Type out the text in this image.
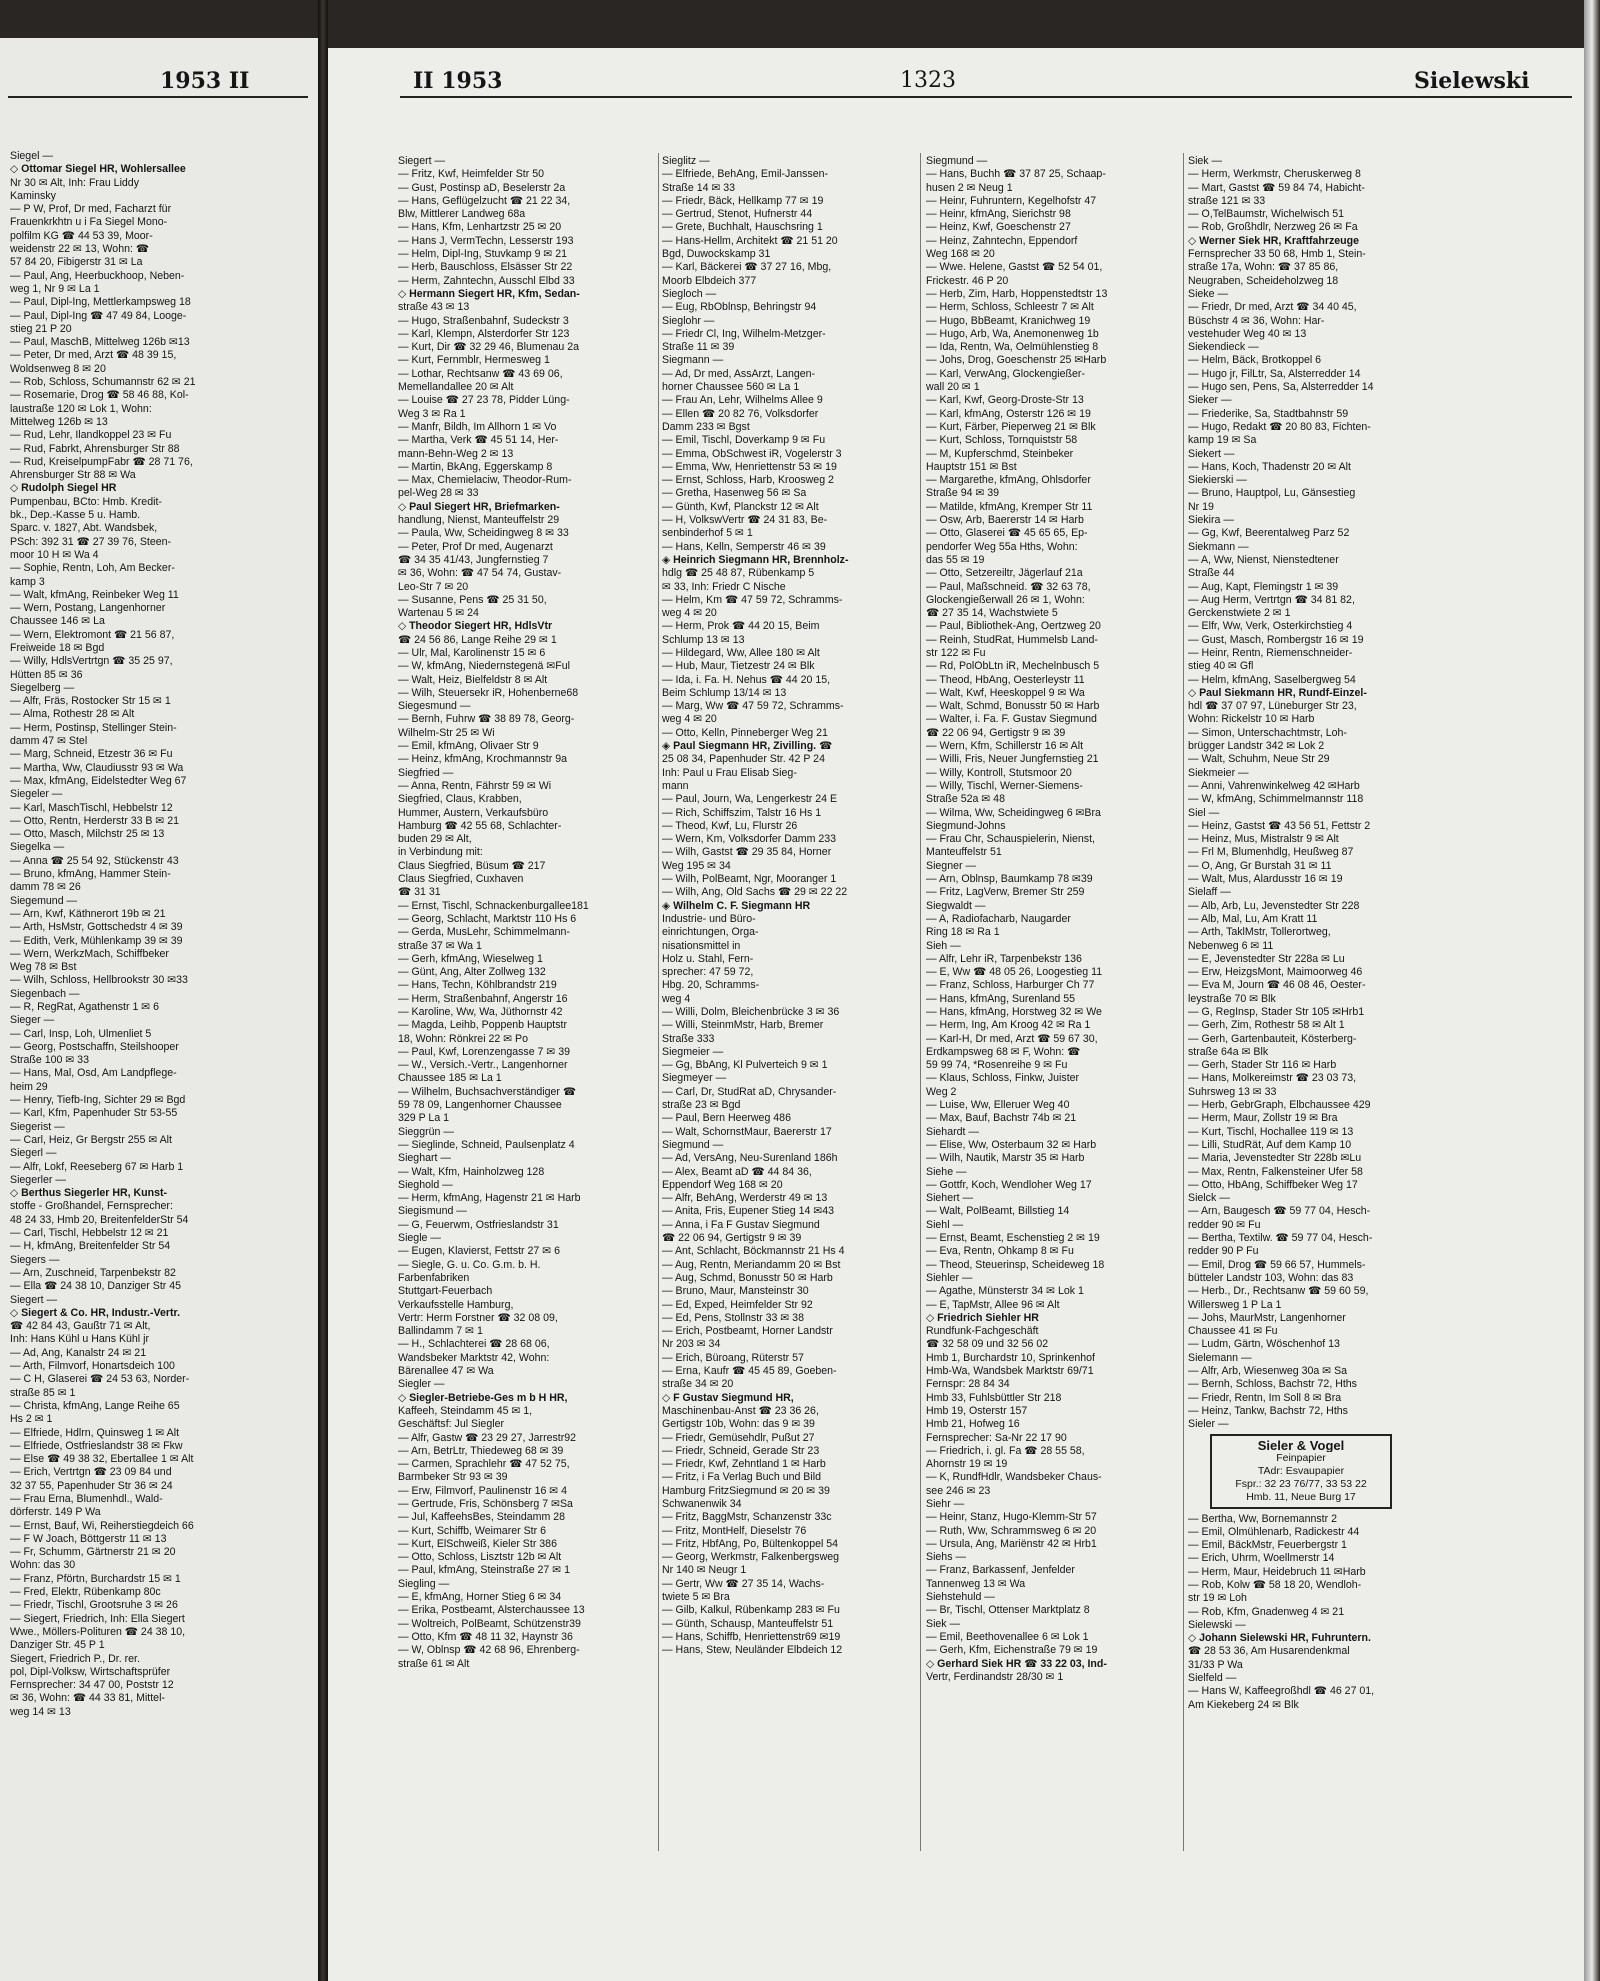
1953 II	II 1953	1323	Sielewski
Siegel —
◇ Ottomar Siegel HR, Wohlersallee
Nr 30 ✉ Alt, Inh: Frau Liddy
Kaminsky
— P W, Prof, Dr med, Facharzt für
Frauenkrkhtn u i Fa Siegel Mono-
polfilm KG ☎ 44 53 39, Moor-
weidenstr 22 ✉ 13, Wohn: ☎
57 84 20, Fibigerstr 31 ✉ La
— Paul, Ang, Heerbuckhoop, Neben-
weg 1, Nr 9 ✉ La 1
— Paul, Dipl-Ing, Mettlerkampsweg 18
— Paul, Dipl-Ing ☎ 47 49 84, Looge-
stieg 21 P 20
— Paul, MaschB, Mittelweg 126b ✉13
— Peter, Dr med, Arzt ☎ 48 39 15,
Woldsenweg 8 ✉ 20
— Rob, Schloss, Schumannstr 62 ✉ 21
— Rosemarie, Drog ☎ 58 46 88, Kol-
laustraße 120 ✉ Lok 1, Wohn:
Mittelweg 126b ✉ 13
— Rud, Lehr, Ilandkoppel 23 ✉ Fu
— Rud, Fabrkt, Ahrensburger Str 88
— Rud, KreiselpumpFabr ☎ 28 71 76,
Ahrensburger Str 88 ✉ Wa
◇ Rudolph Siegel HR
Pumpenbau, BCto: Hmb. Kredit-
bk., Dep.-Kasse 5 u. Hamb.
Sparc. v. 1827, Abt. Wandsbek,
PSch: 392 31 ☎ 27 39 76, Steen-
moor 10 H ✉ Wa 4
— Sophie, Rentn, Loh, Am Becker-
kamp 3
— Walt, kfmAng, Reinbeker Weg 11
— Wern, Postang, Langenhorner
Chaussee 146 ✉ La
— Wern, Elektromont ☎ 21 56 87,
Freiweide 18 ✉ Bgd
— Willy, HdlsVertrtgn ☎ 35 25 97,
Hütten 85 ✉ 36
Siegelberg —
— Alfr, Fräs, Rostocker Str 15 ✉ 1
— Alma, Rothestr 28 ✉ Alt
— Herm, Postinsp, Stellinger Stein-
damm 47 ✉ Stel
— Marg, Schneid, Etzestr 36 ✉ Fu
— Martha, Ww, Claudiusstr 93 ✉ Wa
— Max, kfmAng, Eidelstedter Weg 67
Siegeler —
— Karl, MaschTischl, Hebbelstr 12
— Otto, Rentn, Herderstr 33 B ✉ 21
— Otto, Masch, Milchstr 25 ✉ 13
Siegelka —
— Anna ☎ 25 54 92, Stückenstr 43
— Bruno, kfmAng, Hammer Stein-
damm 78 ✉ 26
Siegemund —
— Arn, Kwf, Käthnerort 19b ✉ 21
— Arth, HsMstr, Gottschedstr 4 ✉ 39
— Edith, Verk, Mühlenkamp 39 ✉ 39
— Wern, WerkzMach, Schiffbeker
Weg 78 ✉ Bst
— Wilh, Schloss, Hellbrookstr 30 ✉33
Siegenbach —
— R, RegRat, Agathenstr 1 ✉ 6
Sieger —
— Carl, Insp, Loh, Ulmenliet 5
— Georg, Postschaffn, Steilshooper
Straße 100 ✉ 33
— Hans, Mal, Osd, Am Landpflege-
heim 29
— Henry, Tiefb-Ing, Sichter 29 ✉ Bgd
— Karl, Kfm, Papenhuder Str 53-55
Siegerist —
— Carl, Heiz, Gr Bergstr 255 ✉ Alt
Siegerl —
— Alfr, Lokf, Reeseberg 67 ✉ Harb 1
Siegerler —
◇ Berthus Siegerler HR, Kunst-
stoffe - Großhandel, Fernsprecher:
48 24 33, Hmb 20, BreitenfelderStr 54
— Carl, Tischl, Hebbelstr 12 ✉ 21
— H, kfmAng, Breitenfelder Str 54
Siegers —
— Arn, Zuschneid, Tarpenbekstr 82
— Ella ☎ 24 38 10, Danziger Str 45
Siegert —
◇ Siegert & Co. HR, Industr.-Vertr.
☎ 42 84 43, Gaußtr 71 ✉ Alt,
Inh: Hans Kühl u Hans Kühl jr
— Ad, Ang, Kanalstr 24 ✉ 21
— Arth, Filmvorf, Honartsdeich 100
— C H, Glaserei ☎ 24 53 63, Norder-
straße 85 ✉ 1
— Christa, kfmAng, Lange Reihe 65
Hs 2 ✉ 1
— Elfriede, Hdlrn, Quinsweg 1 ✉ Alt
— Elfriede, Ostfrieslandstr 38 ✉ Fkw
— Else ☎ 49 38 32, Ebertallee 1 ✉ Alt
— Erich, Vertrtgn ☎ 23 09 84 und
32 37 55, Papenhuder Str 36 ✉ 24
— Frau Erna, Blumenhdl., Wald-
dörferstr. 149 P Wa
— Ernst, Bauf, Wi, Reiherstiegdeich 66
— F W Joach, Böttgerstr 11 ✉ 13
— Fr, Schumm, Gärtnerstr 21 ✉ 20
Wohn: das 30
— Franz, Pförtn, Burchardstr 15 ✉ 1
— Fred, Elektr, Rübenkamp 80c
— Friedr, Tischl, Grootsruhe 3 ✉ 26
— Siegert, Friedrich, Inh: Ella Siegert
Wwe., Möllers-Polituren ☎ 24 38 10,
Danziger Str. 45 P 1
Siegert, Friedrich P., Dr. rer.
pol, Dipl-Volksw, Wirtschaftsprüfer
Fernsprecher: 34 47 00, Poststr 12
✉ 36, Wohn: ☎ 44 33 81, Mittel-
weg 14 ✉ 13
Siegert —
— Fritz, Kwf, Heimfelder Str 50
— Gust, Postinsp aD, Beselerstr 2a
— Hans, Geflügelzucht ☎ 21 22 34,
Blw, Mittlerer Landweg 68a
— Hans, Kfm, Lenhartzstr 25 ✉ 20
— Hans J, VermTechn, Lesserstr 193
— Helm, Dipl-Ing, Stuvkamp 9 ✉ 21
— Herb, Bauschloss, Elsässer Str 22
— Herm, Zahntechn, Ausschl Elbd 33
◇ Hermann Siegert HR, Kfm, Sedan-
straße 43 ✉ 13
— Hugo, Straßenbahnf, Sudeckstr 3
— Karl, Klempn, Alsterdorfer Str 123
— Kurt, Dir ☎ 32 29 46, Blumenau 2a
— Kurt, Fernmblr, Hermesweg 1
— Lothar, Rechtsanw ☎ 43 69 06,
Memellandallee 20 ✉ Alt
— Louise ☎ 27 23 78, Pidder Lüng-
Weg 3 ✉ Ra 1
— Manfr, Bildh, Im Allhorn 1 ✉ Vo
— Martha, Verk ☎ 45 51 14, Her-
mann-Behn-Weg 2 ✉ 13
— Martin, BkAng, Eggerskamp 8
— Max, Chemielaciw, Theodor-Rum-
pel-Weg 28 ✉ 33
◇ Paul Siegert HR, Briefmarken-
handlung, Nienst, Manteuffelstr 29
— Paula, Ww, Scheidingweg 8 ✉ 33
— Peter, Prof Dr med, Augenarzt
☎ 34 35 41/43, Jungfernstieg 7
✉ 36, Wohn: ☎ 47 54 74, Gustav-
Leo-Str 7 ✉ 20
— Susanne, Pens ☎ 25 31 50,
Wartenau 5 ✉ 24
◇ Theodor Siegert HR, HdlsVtr
☎ 24 56 86, Lange Reihe 29 ✉ 1
— Ulr, Mal, Karolinenstr 15 ✉ 6
— W, kfmAng, Niedernstegenä ✉Ful
— Walt, Heiz, Bielfeldstr 8 ✉ Alt
— Wilh, Steuersekr iR, Hohenberne68
Siegesmund —
— Bernh, Fuhrw ☎ 38 89 78, Georg-
Wilhelm-Str 25 ✉ Wi
— Emil, kfmAng, Olivaer Str 9
— Heinz, kfmAng, Krochmannstr 9a
Siegfried —
— Anna, Rentn, Fährstr 59 ✉ Wi
Siegfried, Claus, Krabben,
Hummer, Austern, Verkaufsbüro
Hamburg ☎ 42 55 68, Schlachter-
buden 29 ✉ Alt,
in Verbindung mit:
Claus Siegfried, Büsum ☎ 217
Claus Siegfried, Cuxhaven
☎ 31 31
— Ernst, Tischl, Schnackenburgallee181
— Georg, Schlacht, Marktstr 110 Hs 6
— Gerda, MusLehr, Schimmelmann-
straße 37 ✉ Wa 1
— Gerh, kfmAng, Wieselweg 1
— Günt, Ang, Alter Zollweg 132
— Hans, Techn, Köhlbrandstr 219
— Herm, Straßenbahnf, Angerstr 16
— Karoline, Ww, Wa, Jüthornstr 42
— Magda, Leihb, Poppenb Hauptstr
18, Wohn: Rönkrei 22 ✉ Po
— Paul, Kwf, Lorenzengasse 7 ✉ 39
— W., Versich.-Vertr., Langenhorner
Chaussee 185 ✉ La 1
— Wilhelm, Buchsachverständiger ☎
59 78 09, Langenhorner Chaussee
329 P La 1
Sieggrün —
— Sieglinde, Schneid, Paulsenplatz 4
Sieghart —
— Walt, Kfm, Hainholzweg 128
Sieghold —
— Herm, kfmAng, Hagenstr 21 ✉ Harb
Siegismund —
— G, Feuerwm, Ostfrieslandstr 31
Siegle —
— Eugen, Klavierst, Fettstr 27 ✉ 6
— Siegle, G. u. Co. G.m. b. H.
Farbenfabriken
Stuttgart-Feuerbach
Verkaufsstelle Hamburg,
Vertr: Herm Forstner ☎ 32 08 09,
Ballindamm 7 ✉ 1
— H., Schlachterei ☎ 28 68 06,
Wandsbeker Marktstr 42, Wohn:
Bärenallee 47 ✉ Wa
Siegler —
◇ Siegler-Betriebe-Ges m b H HR,
Kaffeeh, Steindamm 45 ✉ 1,
Geschäftsf: Jul Siegler
— Alfr, Gastw ☎ 23 29 27, Jarrestr92
— Arn, BetrLtr, Thiedeweg 68 ✉ 39
— Carmen, Sprachlehr ☎ 47 52 75,
Barmbeker Str 93 ✉ 39
— Erw, Filmvorf, Paulinenstr 16 ✉ 4
— Gertrude, Fris, Schönsberg 7 ✉Sa
— Jul, KaffeehsBes, Steindamm 28
— Kurt, Schiffb, Weimarer Str 6
— Kurt, ElSchweiß, Kieler Str 386
— Otto, Schloss, Lisztstr 12b ✉ Alt
— Paul, kfmAng, Steinstraße 27 ✉ 1
Siegling —
— E, kfmAng, Horner Stieg 6 ✉ 34
— Erika, Postbeamt, Alsterchaussee 13
— Woltreich, PolBeamt, Schützenstr39
— Otto, Kfm ☎ 48 11 32, Haynstr 36
— W, Oblnsp ☎ 42 68 96, Ehrenberg-
straße 61 ✉ Alt
Sieglitz —
— Elfriede, BehAng, Emil-Janssen-
Straße 14 ✉ 33
— Friedr, Bäck, Hellkamp 77 ✉ 19
— Gertrud, Stenot, Hufnerstr 44
— Grete, Buchhalt, Hauschsring 1
— Hans-Hellm, Architekt ☎ 21 51 20
Bgd, Duwockskamp 31
— Karl, Bäckerei ☎ 37 27 16, Mbg,
Moorb Elbdeich 377
Siegloch —
— Eug, RbOblnsp, Behringstr 94
Sieglohr —
— Friedr Cl, Ing, Wilhelm-Metzger-
Straße 11 ✉ 39
Siegmann —
— Ad, Dr med, AssArzt, Langen-
horner Chaussee 560 ✉ La 1
— Frau An, Lehr, Wilhelms Allee 9
— Ellen ☎ 20 82 76, Volksdorfer
Damm 233 ✉ Bgst
— Emil, Tischl, Doverkamp 9 ✉ Fu
— Emma, ObSchwest iR, Vogelerstr 3
— Emma, Ww, Henriettenstr 53 ✉ 19
— Ernst, Schloss, Harb, Kroosweg 2
— Gretha, Hasenweg 56 ✉ Sa
— Günth, Kwf, Planckstr 12 ✉ Alt
— H, VolkswVertr ☎ 24 31 83, Be-
senbinderhof 5 ✉ 1
— Hans, Kelln, Semperstr 46 ✉ 39
◈ Heinrich Siegmann HR, Brennholz-
hdlg ☎ 25 48 87, Rübenkamp 5
✉ 33, Inh: Friedr C Nische
— Helm, Km ☎ 47 59 72, Schramms-
weg 4 ✉ 20
— Herm, Prok ☎ 44 20 15, Beim
Schlump 13 ✉ 13
— Hildegard, Ww, Allee 180 ✉ Alt
— Hub, Maur, Tietzestr 24 ✉ Blk
— Ida, i. Fa. H. Nehus ☎ 44 20 15,
Beim Schlump 13/14 ✉ 13
— Marg, Ww ☎ 47 59 72, Schramms-
weg 4 ✉ 20
— Otto, Kelln, Pinneberger Weg 21
◈ Paul Siegmann HR, Zivilling. ☎
25 08 34, Papenhuder Str. 42 P 24
Inh: Paul u Frau Elisab Sieg-
mann
— Paul, Journ, Wa, Lengerkestr 24 E
— Rich, Schiffszim, Talstr 16 Hs 1
— Theod, Kwf, Lu, Flurstr 26
— Wern, Km, Volksdorfer Damm 233
— Wilh, Gastst ☎ 29 35 84, Horner
Weg 195 ✉ 34
— Wilh, PolBeamt, Ngr, Mooranger 1
— Wilh, Ang, Old Sachs ☎ 29 ✉ 22 22
◈ Wilhelm C. F. Siegmann HR
Industrie- und Büro-
einrichtungen, Orga-
nisationsmittel in
Holz u. Stahl, Fern-
sprecher: 47 59 72,
Hbg. 20, Schramms-
weg 4
— Willi, Dolm, Bleichenbrücke 3 ✉ 36
— Willi, SteinmMstr, Harb, Bremer
Straße 333
Siegmeier —
— Gg, BbAng, Kl Pulverteich 9 ✉ 1
Siegmeyer —
— Carl, Dr, StudRat aD, Chrysander-
straße 23 ✉ Bgd
— Paul, Bern Heerweg 486
— Walt, SchornstMaur, Baererstr 17
Siegmund —
— Ad, VersAng, Neu-Surenland 186h
— Alex, Beamt aD ☎ 44 84 36,
Eppendorf Weg 168 ✉ 20
— Alfr, BehAng, Werderstr 49 ✉ 13
— Anita, Fris, Eupener Stieg 14 ✉43
— Anna, i Fa F Gustav Siegmund
☎ 22 06 94, Gertigstr 9 ✉ 39
— Ant, Schlacht, Böckmannstr 21 Hs 4
— Aug, Rentn, Meriandamm 20 ✉ Bst
— Aug, Schmd, Bonusstr 50 ✉ Harb
— Bruno, Maur, Mansteinstr 30
— Ed, Exped, Heimfelder Str 92
— Ed, Pens, Stollnstr 33 ✉ 38
— Erich, Postbeamt, Horner Landstr
Nr 203 ✉ 34
— Erich, Büroang, Rüterstr 57
— Erna, Kaufr ☎ 45 45 89, Goeben-
straße 34 ✉ 20
◇ F Gustav Siegmund HR,
Maschinenbau-Anst ☎ 23 36 26,
Gertigstr 10b, Wohn: das 9 ✉ 39
— Friedr, Gemüsehdlr, Pußut 27
— Friedr, Schneid, Gerade Str 23
— Friedr, Kwf, Zehntland 1 ✉ Harb
— Fritz, i Fa Verlag Buch und Bild
Hamburg FritzSiegmund ✉ 20 ✉ 39
Schwanenwik 34
— Fritz, BaggMstr, Schanzenstr 33c
— Fritz, MontHelf, Dieselstr 76
— Fritz, HbfAng, Po, Bültenkoppel 54
— Georg, Werkmstr, Falkenbergsweg
Nr 140 ✉ Neugr 1
— Gertr, Ww ☎ 27 35 14, Wachs-
twiete 5 ✉ Bra
— Gilb, Kalkul, Rübenkamp 283 ✉ Fu
— Günth, Schausp, Manteuffelstr 51
— Hans, Schiffb, Henriettenstr69 ✉19
— Hans, Stew, Neuländer Elbdeich 12
Siegmund —
— Hans, Buchh ☎ 37 87 25, Schaap-
husen 2 ✉ Neug 1
— Heinr, Fuhruntern, Kegelhofstr 47
— Heinr, kfmAng, Sierichstr 98
— Heinz, Kwf, Goeschenstr 27
— Heinz, Zahntechn, Eppendorf
Weg 168 ✉ 20
— Wwe. Helene, Gastst ☎ 52 54 01,
Frickestr. 46 P 20
— Herb, Zim, Harb, Hoppenstedtstr 13
— Herm, Schloss, Schleestr 7 ✉ Alt
— Hugo, BbBeamt, Kranichweg 19
— Hugo, Arb, Wa, Anemonenweg 1b
— Ida, Rentn, Wa, Oelmühlenstieg 8
— Johs, Drog, Goeschenstr 25 ✉Harb
— Karl, VerwAng, Glockengießer-
wall 20 ✉ 1
— Karl, Kwf, Georg-Droste-Str 13
— Karl, kfmAng, Osterstr 126 ✉ 19
— Kurt, Färber, Pieperweg 21 ✉ Blk
— Kurt, Schloss, Tornquiststr 58
— M, Kupferschmd, Steinbeker
Hauptstr 151 ✉ Bst
— Margarethe, kfmAng, Ohlsdorfer
Straße 94 ✉ 39
— Matilde, kfmAng, Kremper Str 11
— Osw, Arb, Baererstr 14 ✉ Harb
— Otto, Glaserei ☎ 45 65 65, Ep-
pendorfer Weg 55a Hths, Wohn:
das 55 ✉ 19
— Otto, Setzereiltr, Jägerlauf 21a
— Paul, Maßschneid. ☎ 32 63 78,
Glockengießerwall 26 ✉ 1, Wohn:
☎ 27 35 14, Wachstwiete 5
— Paul, Bibliothek-Ang, Oertzweg 20
— Reinh, StudRat, Hummelsb Land-
str 122 ✉ Fu
— Rd, PolObLtn iR, Mechelnbusch 5
— Theod, HbAng, Oesterleystr 11
— Walt, Kwf, Heeskoppel 9 ✉ Wa
— Walt, Schmd, Bonusstr 50 ✉ Harb
— Walter, i. Fa. F. Gustav Siegmund
☎ 22 06 94, Gertigstr 9 ✉ 39
— Wern, Kfm, Schillerstr 16 ✉ Alt
— Willi, Fris, Neuer Jungfernstieg 21
— Willy, Kontroll, Stutsmoor 20
— Willy, Tischl, Werner-Siemens-
Straße 52a ✉ 48
— Wilma, Ww, Scheidingweg 6 ✉Bra
Siegmund-Johns
— Frau Chr, Schauspielerin, Nienst,
Manteuffelstr 51
Siegner —
— Arn, Oblnsp, Baumkamp 78 ✉39
— Fritz, LagVerw, Bremer Str 259
Siegwaldt —
— A, Radiofacharb, Naugarder
Ring 18 ✉ Ra 1
Sieh —
— Alfr, Lehr iR, Tarpenbekstr 136
— E, Ww ☎ 48 05 26, Loogestieg 11
— Franz, Schloss, Harburger Ch 77
— Hans, kfmAng, Surenland 55
— Hans, kfmAng, Horstweg 32 ✉ We
— Herm, Ing, Am Kroog 42 ✉ Ra 1
— Karl-H, Dr med, Arzt ☎ 59 67 30,
Erdkampsweg 68 ✉ F, Wohn: ☎
59 99 74, *Rosenreihe 9 ✉ Fu
— Klaus, Schloss, Finkw, Juister
Weg 2
— Luise, Ww, Elleruer Weg 40
— Max, Bauf, Bachstr 74b ✉ 21
Siehardt —
— Elise, Ww, Osterbaum 32 ✉ Harb
— Wilh, Nautik, Marstr 35 ✉ Harb
Siehe —
— Gottfr, Koch, Wendloher Weg 17
Siehert —
— Walt, PolBeamt, Billstieg 14
Siehl —
— Ernst, Beamt, Eschenstieg 2 ✉ 19
— Eva, Rentn, Ohkamp 8 ✉ Fu
— Theod, Steuerinsp, Scheideweg 18
Siehler —
— Agathe, Münsterstr 34 ✉ Lok 1
— E, TapMstr, Allee 96 ✉ Alt
◇ Friedrich Siehler HR
Rundfunk-Fachgeschäft
☎ 32 58 09 und 32 56 02
Hmb 1, Burchardstr 10, Sprinkenhof
Hmb-Wa, Wandsbek Marktstr 69/71
Fernspr: 28 84 34
Hmb 33, Fuhlsbüttler Str 218
Hmb 19, Osterstr 157
Hmb 21, Hofweg 16
Fernsprecher: Sa-Nr 22 17 90
— Friedrich, i. gl. Fa ☎ 28 55 58,
Ahornstr 19 ✉ 19
— K, RundfHdlr, Wandsbeker Chaus-
see 246 ✉ 23
Siehr —
— Heinr, Stanz, Hugo-Klemm-Str 57
— Ruth, Ww, Schrammsweg 6 ✉ 20
— Ursula, Ang, Mariënstr 42 ✉ Hrb1
Siehs —
— Franz, Barkassenf, Jenfelder
Tannenweg 13 ✉ Wa
Siehstehuld —
— Br, Tischl, Ottenser Marktplatz 8
Siek —
— Emil, Beethovenallee 6 ✉ Lok 1
— Gerh, Kfm, Eichenstraße 79 ✉ 19
◇ Gerhard Siek HR ☎ 33 22 03, Ind-
Vertr, Ferdinandstr 28/30 ✉ 1
Siek —
— Herm, Werkmstr, Cheruskerweg 8
— Mart, Gastst ☎ 59 84 74, Habicht-
straße 121 ✉ 33
— O,TelBaumstr, Wichelwisch 51
— Rob, Großhdlr, Nerzweg 26 ✉ Fa
◇ Werner Siek HR, Kraftfahrzeuge
Fernsprecher 33 50 68, Hmb 1, Stein-
straße 17a, Wohn: ☎ 37 85 86,
Neugraben, Scheideholzweg 18
Sieke —
— Friedr, Dr med, Arzt ☎ 34 40 45,
Büschstr 4 ✉ 36, Wohn: Har-
vestehuder Weg 40 ✉ 13
Siekendieck —
— Helm, Bäck, Brotkoppel 6
— Hugo jr, FilLtr, Sa, Alsterredder 14
— Hugo sen, Pens, Sa, Alsterredder 14
Sieker —
— Friederike, Sa, Stadtbahnstr 59
— Hugo, Redakt ☎ 20 80 83, Fichten-
kamp 19 ✉ Sa
Siekert —
— Hans, Koch, Thadenstr 20 ✉ Alt
Siekierski —
— Bruno, Hauptpol, Lu, Gänsestieg
Nr 19
Siekira —
— Gg, Kwf, Beerentalweg Parz 52
Siekmann —
— A, Ww, Nienst, Nienstedtener
Straße 44
— Aug, Kapt, Flemingstr 1 ✉ 39
— Aug Herm, Vertrtgn ☎ 34 81 82,
Gerckenstwiete 2 ✉ 1
— Elfr, Ww, Verk, Osterkirchstieg 4
— Gust, Masch, Rombergstr 16 ✉ 19
— Heinr, Rentn, Riemenschneider-
stieg 40 ✉ Gfl
— Helm, kfmAng, Saselbergweg 54
◇ Paul Siekmann HR, Rundf-Einzel-
hdl ☎ 37 07 97, Lüneburger Str 23,
Wohn: Rickelstr 10 ✉ Harb
— Simon, Unterschachtmstr, Loh-
brügger Landstr 342 ✉ Lok 2
— Walt, Schuhm, Neue Str 29
Siekmeier —
— Anni, Vahrenwinkelweg 42 ✉Harb
— W, kfmAng, Schimmelmannstr 118
Siel —
— Heinz, Gastst ☎ 43 56 51, Fettstr 2
— Heinz, Mus, Mistralstr 9 ✉ Alt
— Frl M, Blumenhdlg, Heußweg 87
— O, Ang, Gr Burstah 31 ✉ 11
— Walt, Mus, Alardusstr 16 ✉ 19
Sielaff —
— Alb, Arb, Lu, Jevenstedter Str 228
— Alb, Mal, Lu, Am Kratt 11
— Arth, TaklMstr, Tollerortweg,
Nebenweg 6 ✉ 11
— E, Jevenstedter Str 228a ✉ Lu
— Erw, HeizgsMont, Maimoorweg 46
— Eva M, Journ ☎ 46 08 46, Oester-
leystraße 70 ✉ Blk
— G, RegInsp, Stader Str 105 ✉Hrb1
— Gerh, Zim, Rothestr 58 ✉ Alt 1
— Gerh, Gartenbauteit, Kösterberg-
straße 64a ✉ Blk
— Gerh, Stader Str 116 ✉ Harb
— Hans, Molkereimstr ☎ 23 03 73,
Suhrsweg 13 ✉ 33
— Herb, GebrGraph, Elbchaussee 429
— Herm, Maur, Zollstr 19 ✉ Bra
— Kurt, Tischl, Hochallee 119 ✉ 13
— Lilli, StudRät, Auf dem Kamp 10
— Maria, Jevenstedter Str 228b ✉Lu
— Max, Rentn, Falkensteiner Ufer 58
— Otto, HbAng, Schiffbeker Weg 17
Sielck —
— Arn, Baugesch ☎ 59 77 04, Hesch-
redder 90 ✉ Fu
— Bertha, Textilw. ☎ 59 77 04, Hesch-
redder 90 P Fu
— Emil, Drog ☎ 59 66 57, Hummels-
bütteler Landstr 103, Wohn: das 83
— Herb., Dr., Rechtsanw ☎ 59 60 59,
Willersweg 1 P La 1
— Johs, MaurMstr, Langenhorner
Chaussee 41 ✉ Fu
— Ludm, Gärtn, Wöschenhof 13
Sielemann —
— Alfr, Arb, Wiesenweg 30a ✉ Sa
— Bernh, Schloss, Bachstr 72, Hths
— Friedr, Rentn, Im Soll 8 ✉ Bra
— Heinz, Tankw, Bachstr 72, Hths
Sieler —
Sieler & Vogel
Feinpapier
TAdr: Esvaupapier
Fspr.: 32 23 76/77, 33 53 22
Hmb. 11, Neue Burg 17
— Bertha, Ww, Bornemannstr 2
— Emil, Olmühlenarb, Radickestr 44
— Emil, BäckMstr, Feuerbergstr 1
— Erich, Uhrm, Woellmerstr 14
— Herm, Maur, Heidebruch 11 ✉Harb
— Rob, Kolw ☎ 58 18 20, Wendloh-
str 19 ✉ Loh
— Rob, Kfm, Gnadenweg 4 ✉ 21
Sielewski —
◇ Johann Sielewski HR, Fuhruntern.
☎ 28 53 36, Am Husarendenkmal
31/33 P Wa
Sielfeld —
— Hans W, Kaffeegroßhdl ☎ 46 27 01,
Am Kiekeberg 24 ✉ Blk
